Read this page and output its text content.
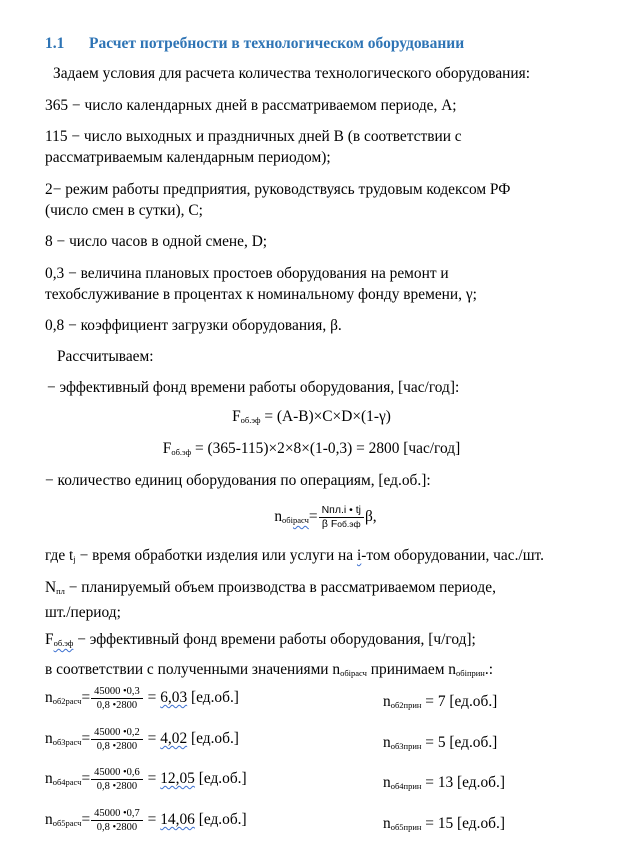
1.1 Расчет потребности в технологическом оборудовании
Задаем условия для расчета количества технологического оборудования:
365 − число календарных дней в рассматриваемом периоде, А;
115 − число выходных и праздничных дней В (в соответствии с
рассматриваемым календарным периодом);
2− режим работы предприятия, руководствуясь трудовым кодексом РФ
(число смен в сутки), С;
8 − число часов в одной смене, D;
0,3 − величина плановых простоев оборудования на ремонт и
техобслуживание в процентах к номинальному фонду времени, γ;
0,8 − коэффициент загрузки оборудования, β.
Рассчитываем:
− эффективный фонд времени работы оборудования, [час/год]:
$F_{об.эф} = (А-В)\times С\times D\times(1-\gamma)$
$F_{об.эф} = (365-115)\times 2\times 8\times(1-0,3) = 2800$ [час/год]
− количество единиц оборудования по операциям, [ед.об.]:
$n_{обiрасч}= \frac{\text{Nпл.i • tj}}{\text{β Fоб.эф}} \beta$,
где $t_j$ − время обработки изделия или услуги на i-том оборудовании, час./шт.
$N_{пл}$ − планируемый объем производства в рассматриваемом периоде,
шт./период;
$F_{об.эф}$ − эффективный фонд времени работы оборудования, [ч/год];
в соответствии с полученными значениями $n_{обiрасч}$ принимаем $n_{обiприн}$.:
$n_{об2расч}= \frac{45000 •0,3}{0,8 •2800} = 6,03$ [ед.об.]	$n_{об2прин} = 7$ [ед.об.]
$n_{об3расч}= \frac{45000 •0,2}{0,8 •2800} = 4,02$ [ед.об.]	$n_{об3прин} = 5$ [ед.об.]
$n_{об4расч}= \frac{45000 •0,6}{0,8 •2800} = 12,05$ [ед.об.]	$n_{об4прин} = 13$ [ед.об.]
$n_{об5расч}= \frac{45000 •0,7}{0,8 •2800} = 14,06$ [ед.об.]	$n_{об5прин} = 15$ [ед.об.]
